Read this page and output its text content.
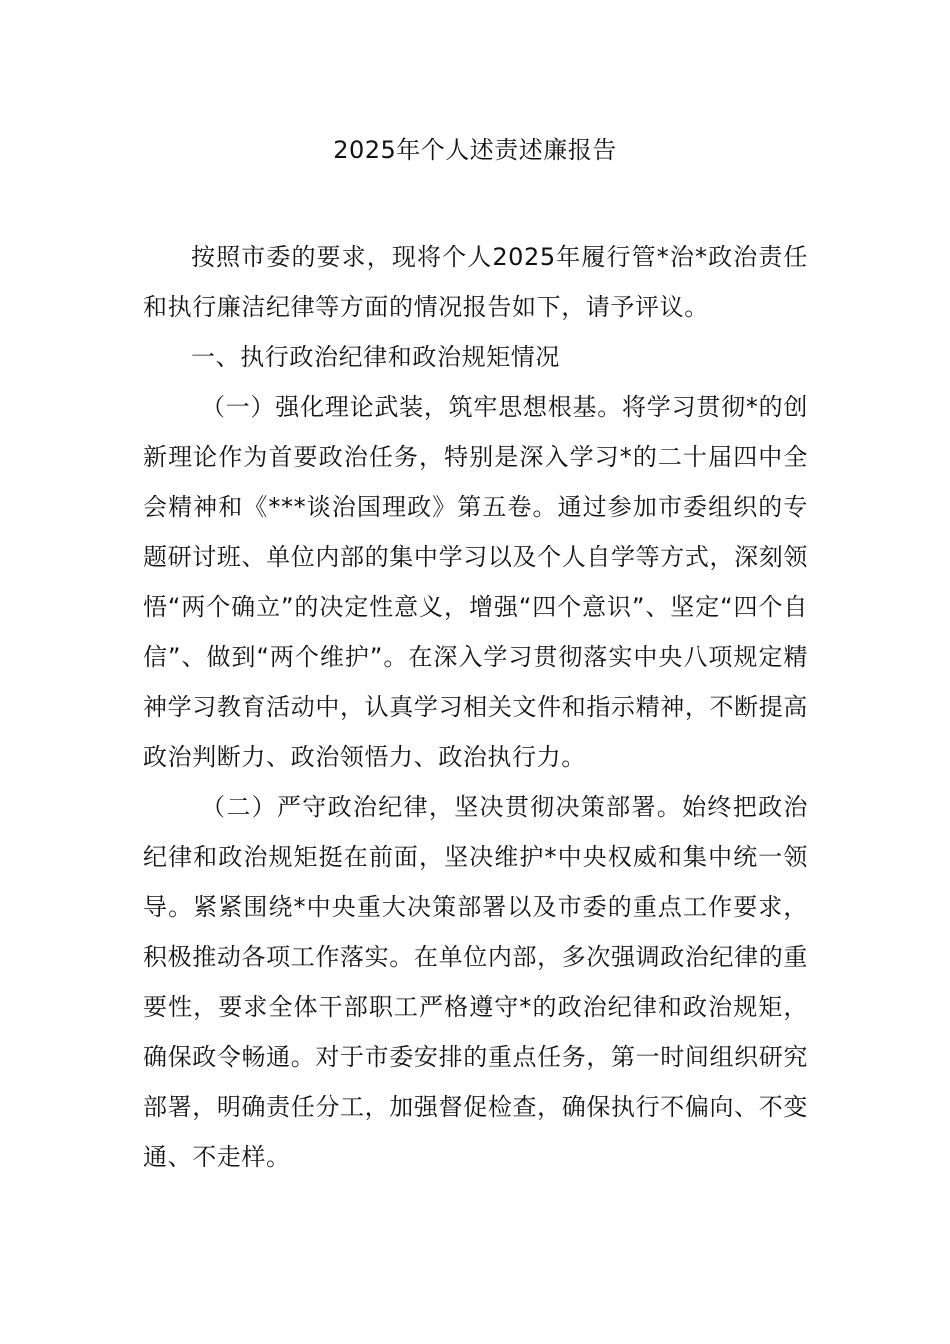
2025年个人述责述廉报告

按照市委的要求，现将个人2025年履行管*治*政治责任和执行廉洁纪律等方面的情况报告如下，请予评议。

一、执行政治纪律和政治规矩情况

（一）强化理论武装，筑牢思想根基。将学习贯彻*的创新理论作为首要政治任务，特别是深入学习*的二十届四中全会精神和《***谈治国理政》第五卷。通过参加市委组织的专题研讨班、单位内部的集中学习以及个人自学等方式，深刻领悟“两个确立”的决定性意义，增强“四个意识”、坚定“四个自信”、做到“两个维护”。在深入学习贯彻落实中央八项规定精神学习教育活动中，认真学习相关文件和指示精神，不断提高政治判断力、政治领悟力、政治执行力。

（二）严守政治纪律，坚决贯彻决策部署。始终把政治纪律和政治规矩挺在前面，坚决维护*中央权威和集中统一领导。紧紧围绕*中央重大决策部署以及市委的重点工作要求，积极推动各项工作落实。在单位内部，多次强调政治纪律的重要性，要求全体干部职工严格遵守*的政治纪律和政治规矩，确保政令畅通。对于市委安排的重点任务，第一时间组织研究部署，明确责任分工，加强督促检查，确保执行不偏向、不变通、不走样。
